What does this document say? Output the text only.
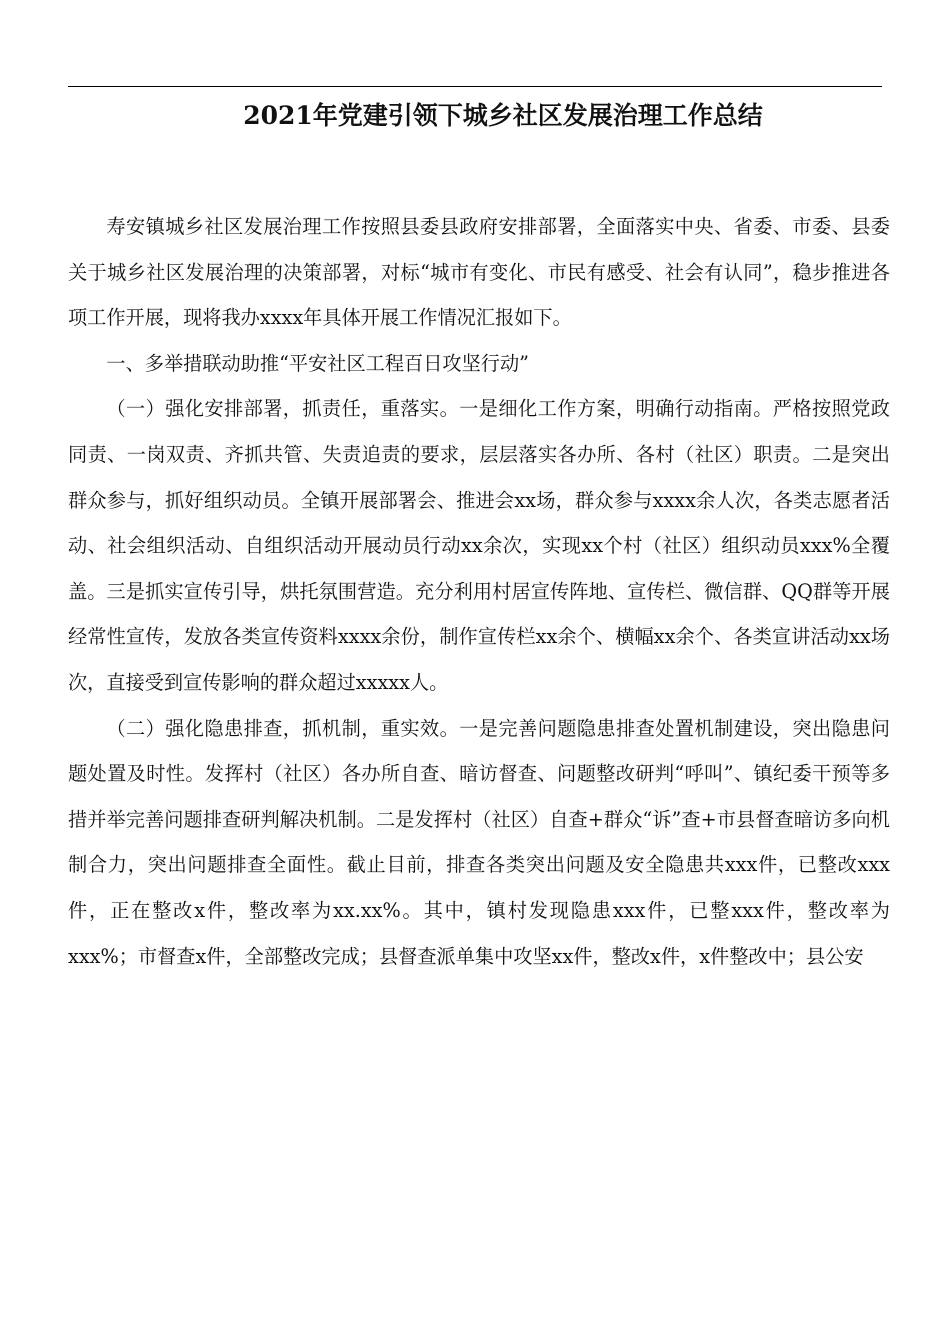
2021年党建引领下城乡社区发展治理工作总结

寿安镇城乡社区发展治理工作按照县委县政府安排部署，全面落实中央、省委、市委、县委关于城乡社区发展治理的决策部署，对标“城市有变化、市民有感受、社会有认同”，稳步推进各项工作开展，现将我办xxxx年具体开展工作情况汇报如下。

一、多举措联动助推“平安社区工程百日攻坚行动”

（一）强化安排部署，抓责任，重落实。一是细化工作方案，明确行动指南。严格按照党政同责、一岗双责、齐抓共管、失责追责的要求，层层落实各办所、各村（社区）职责。二是突出群众参与，抓好组织动员。全镇开展部署会、推进会xx场，群众参与xxxx余人次，各类志愿者活动、社会组织活动、自组织活动开展动员行动xx余次，实现xx个村（社区）组织动员xxx%全覆盖。三是抓实宣传引导，烘托氛围营造。充分利用村居宣传阵地、宣传栏、微信群、QQ群等开展经常性宣传，发放各类宣传资料xxxx余份，制作宣传栏xx余个、横幅xx余个、各类宣讲活动xx场次，直接受到宣传影响的群众超过xxxxx人。

（二）强化隐患排查，抓机制，重实效。一是完善问题隐患排查处置机制建设，突出隐患问题处置及时性。发挥村（社区）各办所自查、暗访督查、问题整改研判“呼叫”、镇纪委干预等多措并举完善问题排查研判解决机制。二是发挥村（社区）自查+群众“诉”查+市县督查暗访多向机制合力，突出问题排查全面性。截止目前，排查各类突出问题及安全隐患共xxx件，已整改xxx件，正在整改x件，整改率为xx.xx%。其中，镇村发现隐患xxx件，已整xxx件，整改率为xxx%；市督查x件，全部整改完成；县督查派单集中攻坚xx件，整改x件，x件整改中；县公安
